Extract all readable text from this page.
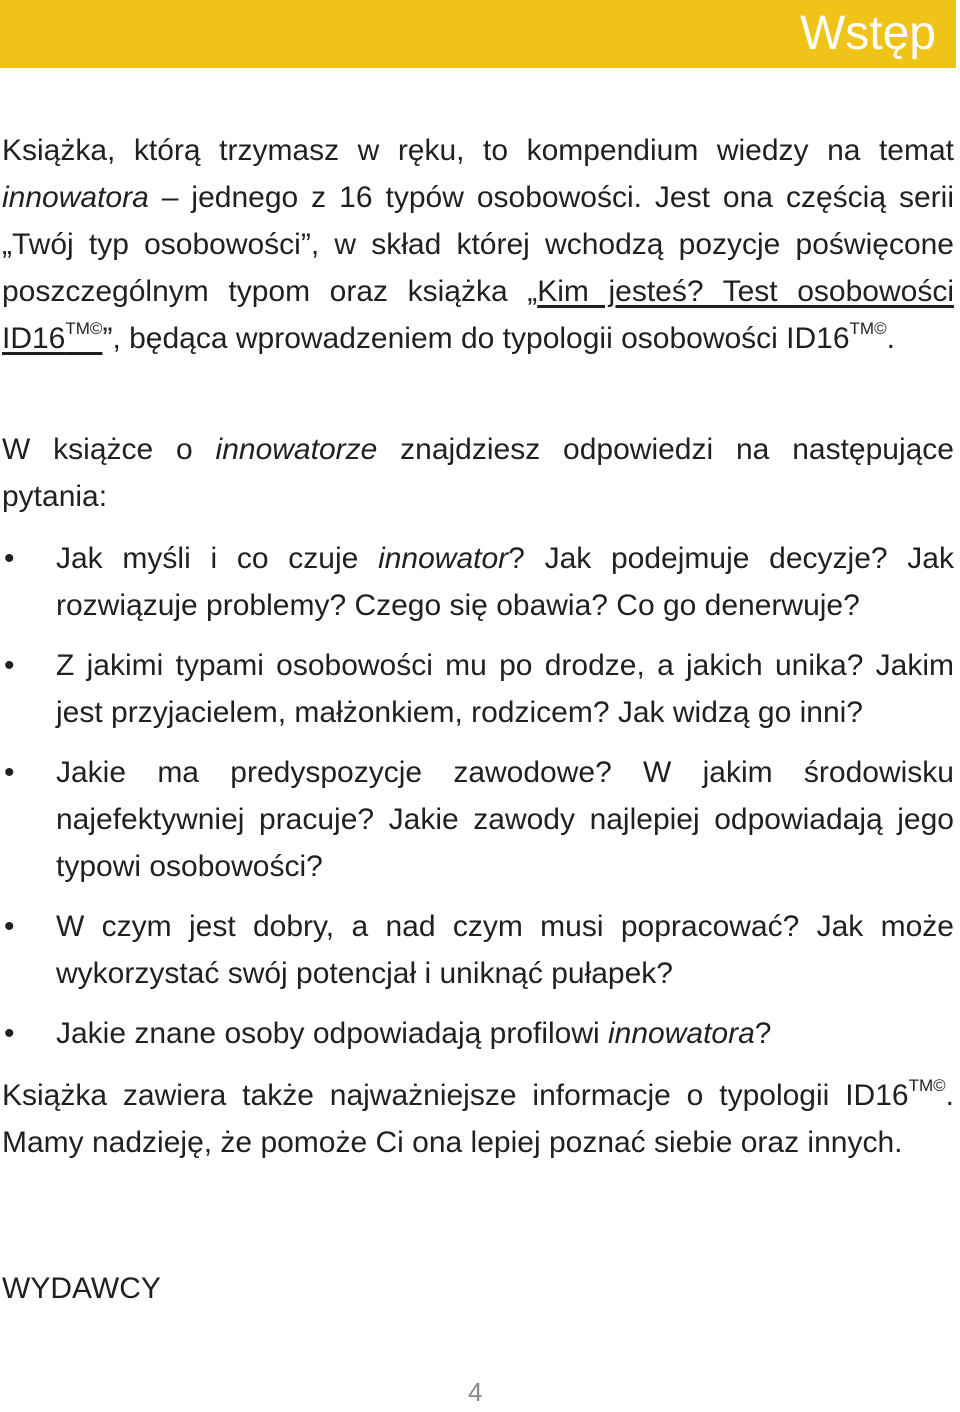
Wstęp

Książka, którą trzymasz w ręku, to kompendium wiedzy na temat innowatora – jednego z 16 typów osobowości. Jest ona częścią serii „Twój typ osobowości”, w skład której wchodzą pozycje poświęcone poszczególnym typom oraz książka „Kim jesteś? Test osobowości $ID16^{TM©}$”, będąca wprowadzeniem do typologii osobowości $ID16^{TM©}$.

W książce o innowatorze znajdziesz odpowiedzi na następujące pytania:

• Jak myśli i co czuje innowator? Jak podejmuje decyzje? Jak rozwiązuje problemy? Czego się obawia? Co go denerwuje?
• Z jakimi typami osobowości mu po drodze, a jakich unika? Jakim jest przyjacielem, małżonkiem, rodzicem? Jak widzą go inni?
• Jakie ma predyspozycje zawodowe? W jakim środowisku najefektywniej pracuje? Jakie zawody najlepiej odpowiadają jego typowi osobowości?
• W czym jest dobry, a nad czym musi popracować? Jak może wykorzystać swój potencjał i uniknąć pułapek?
• Jakie znane osoby odpowiadają profilowi innowatora?

Książka zawiera także najważniejsze informacje o typologii $ID16^{TM©}$. Mamy nadzieję, że pomoże Ci ona lepiej poznać siebie oraz innych.

WYDAWCY

4
